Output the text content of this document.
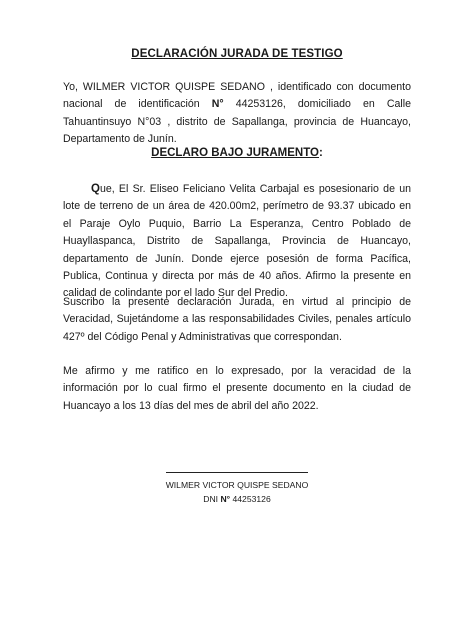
DECLARACIÓN JURADA DE TESTIGO

Yo, WILMER VICTOR QUISPE SEDANO , identificado con documento nacional de identificación N° 44253126, domiciliado en Calle Tahuantinsuyo N°03 , distrito de Sapallanga, provincia de Huancayo, Departamento de Junín.

DECLARO BAJO JURAMENTO:

Que, El Sr. Eliseo Feliciano Velita Carbajal es posesionario de un lote de terreno de un área de 420.00m2, perímetro de 93.37 ubicado en el Paraje Oylo Puquio, Barrio La Esperanza, Centro Poblado de Huayllaspanca, Distrito de Sapallanga, Provincia de Huancayo, departamento de Junín. Donde ejerce posesión de forma Pacífica, Publica, Continua y directa por más de 40 años. Afirmo la presente en calidad de colindante por el lado Sur del Predio.

Suscribo la presente declaración Jurada, en virtud al principio de Veracidad, Sujetándome a las responsabilidades Civiles, penales artículo 427º del Código Penal y Administrativas que correspondan.

Me afirmo y me ratifico en lo expresado, por la veracidad de la información por lo cual firmo el presente documento en la ciudad de Huancayo a los 13 días del mes de abril del año 2022.

WILMER VICTOR QUISPE SEDANO
DNI N° 44253126
